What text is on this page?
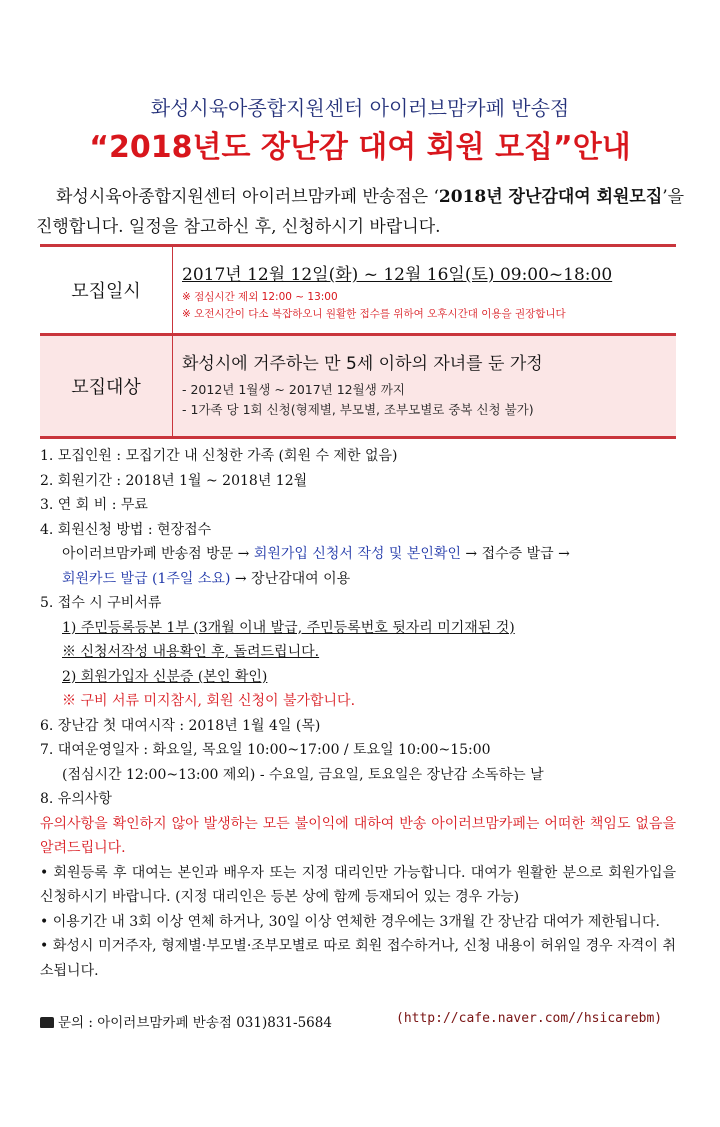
화성시육아종합지원센터 아이러브맘카페 반송점
“2018년도 장난감 대여 회원 모집”안내
화성시육아종합지원센터 아이러브맘카페 반송점은 ‘2018년 장난감대여 회원모집’을 진행합니다. 일정을 참고하신 후, 신청하시기 바랍니다.
모집일시	2017년 12월 12일(화) ~ 12월 16일(토) 09:00~18:00
※ 점심시간 제외 12:00 ~ 13:00
※ 오전시간이 다소 복잡하오니 원활한 접수를 위하여 오후시간대 이용을 권장합니다

모집대상	화성시에 거주하는 만 5세 이하의 자녀를 둔 가정
- 2012년 1월생 ~ 2017년 12월생 까지
- 1가족 당 1회 신청(형제별, 부모별, 조부모별로 중복 신청 불가)
1. 모집인원 : 모집기간 내 신청한 가족 (회원 수 제한 없음)
2. 회원기간 : 2018년 1월 ~ 2018년 12월
3. 연 회 비 : 무료
4. 회원신청 방법 : 현장접수
아이러브맘카페 반송점 방문 → 회원가입 신청서 작성 및 본인확인 → 접수증 발급 →
회원카드 발급 (1주일 소요) → 장난감대여 이용
5. 접수 시 구비서류
1) 주민등록등본 1부 (3개월 이내 발급, 주민등록번호 뒷자리 미기재된 것)
※ 신청서작성 내용확인 후, 돌려드립니다.
2) 회원가입자 신분증 (본인 확인)
※ 구비 서류 미지참시, 회원 신청이 불가합니다.
6. 장난감 첫 대여시작 : 2018년 1월 4일 (목)
7. 대여운영일자 : 화요일, 목요일 10:00~17:00 / 토요일 10:00~15:00
(점심시간 12:00~13:00 제외) - 수요일, 금요일, 토요일은 장난감 소독하는 날
8. 유의사항
유의사항을 확인하지 않아 발생하는 모든 불이익에 대하여 반송 아이러브맘카페는 어떠한 책임도 없음을 알려드립니다.
• 회원등록 후 대여는 본인과 배우자 또는 지정 대리인만 가능합니다. 대여가 원활한 분으로 회원가입을 신청하시기 바랍니다. (지정 대리인은 등본 상에 함께 등재되어 있는 경우 가능)
• 이용기간 내 3회 이상 연체 하거나, 30일 이상 연체한 경우에는 3개월 간 장난감 대여가 제한됩니다.
• 화성시 미거주자, 형제별·부모별·조부모별로 따로 회원 접수하거나, 신청 내용이 허위일 경우 자격이 취소됩니다.
문의 : 아이러브맘카페 반송점 031)831-5684	(http://cafe.naver.com//hsicarebm)
